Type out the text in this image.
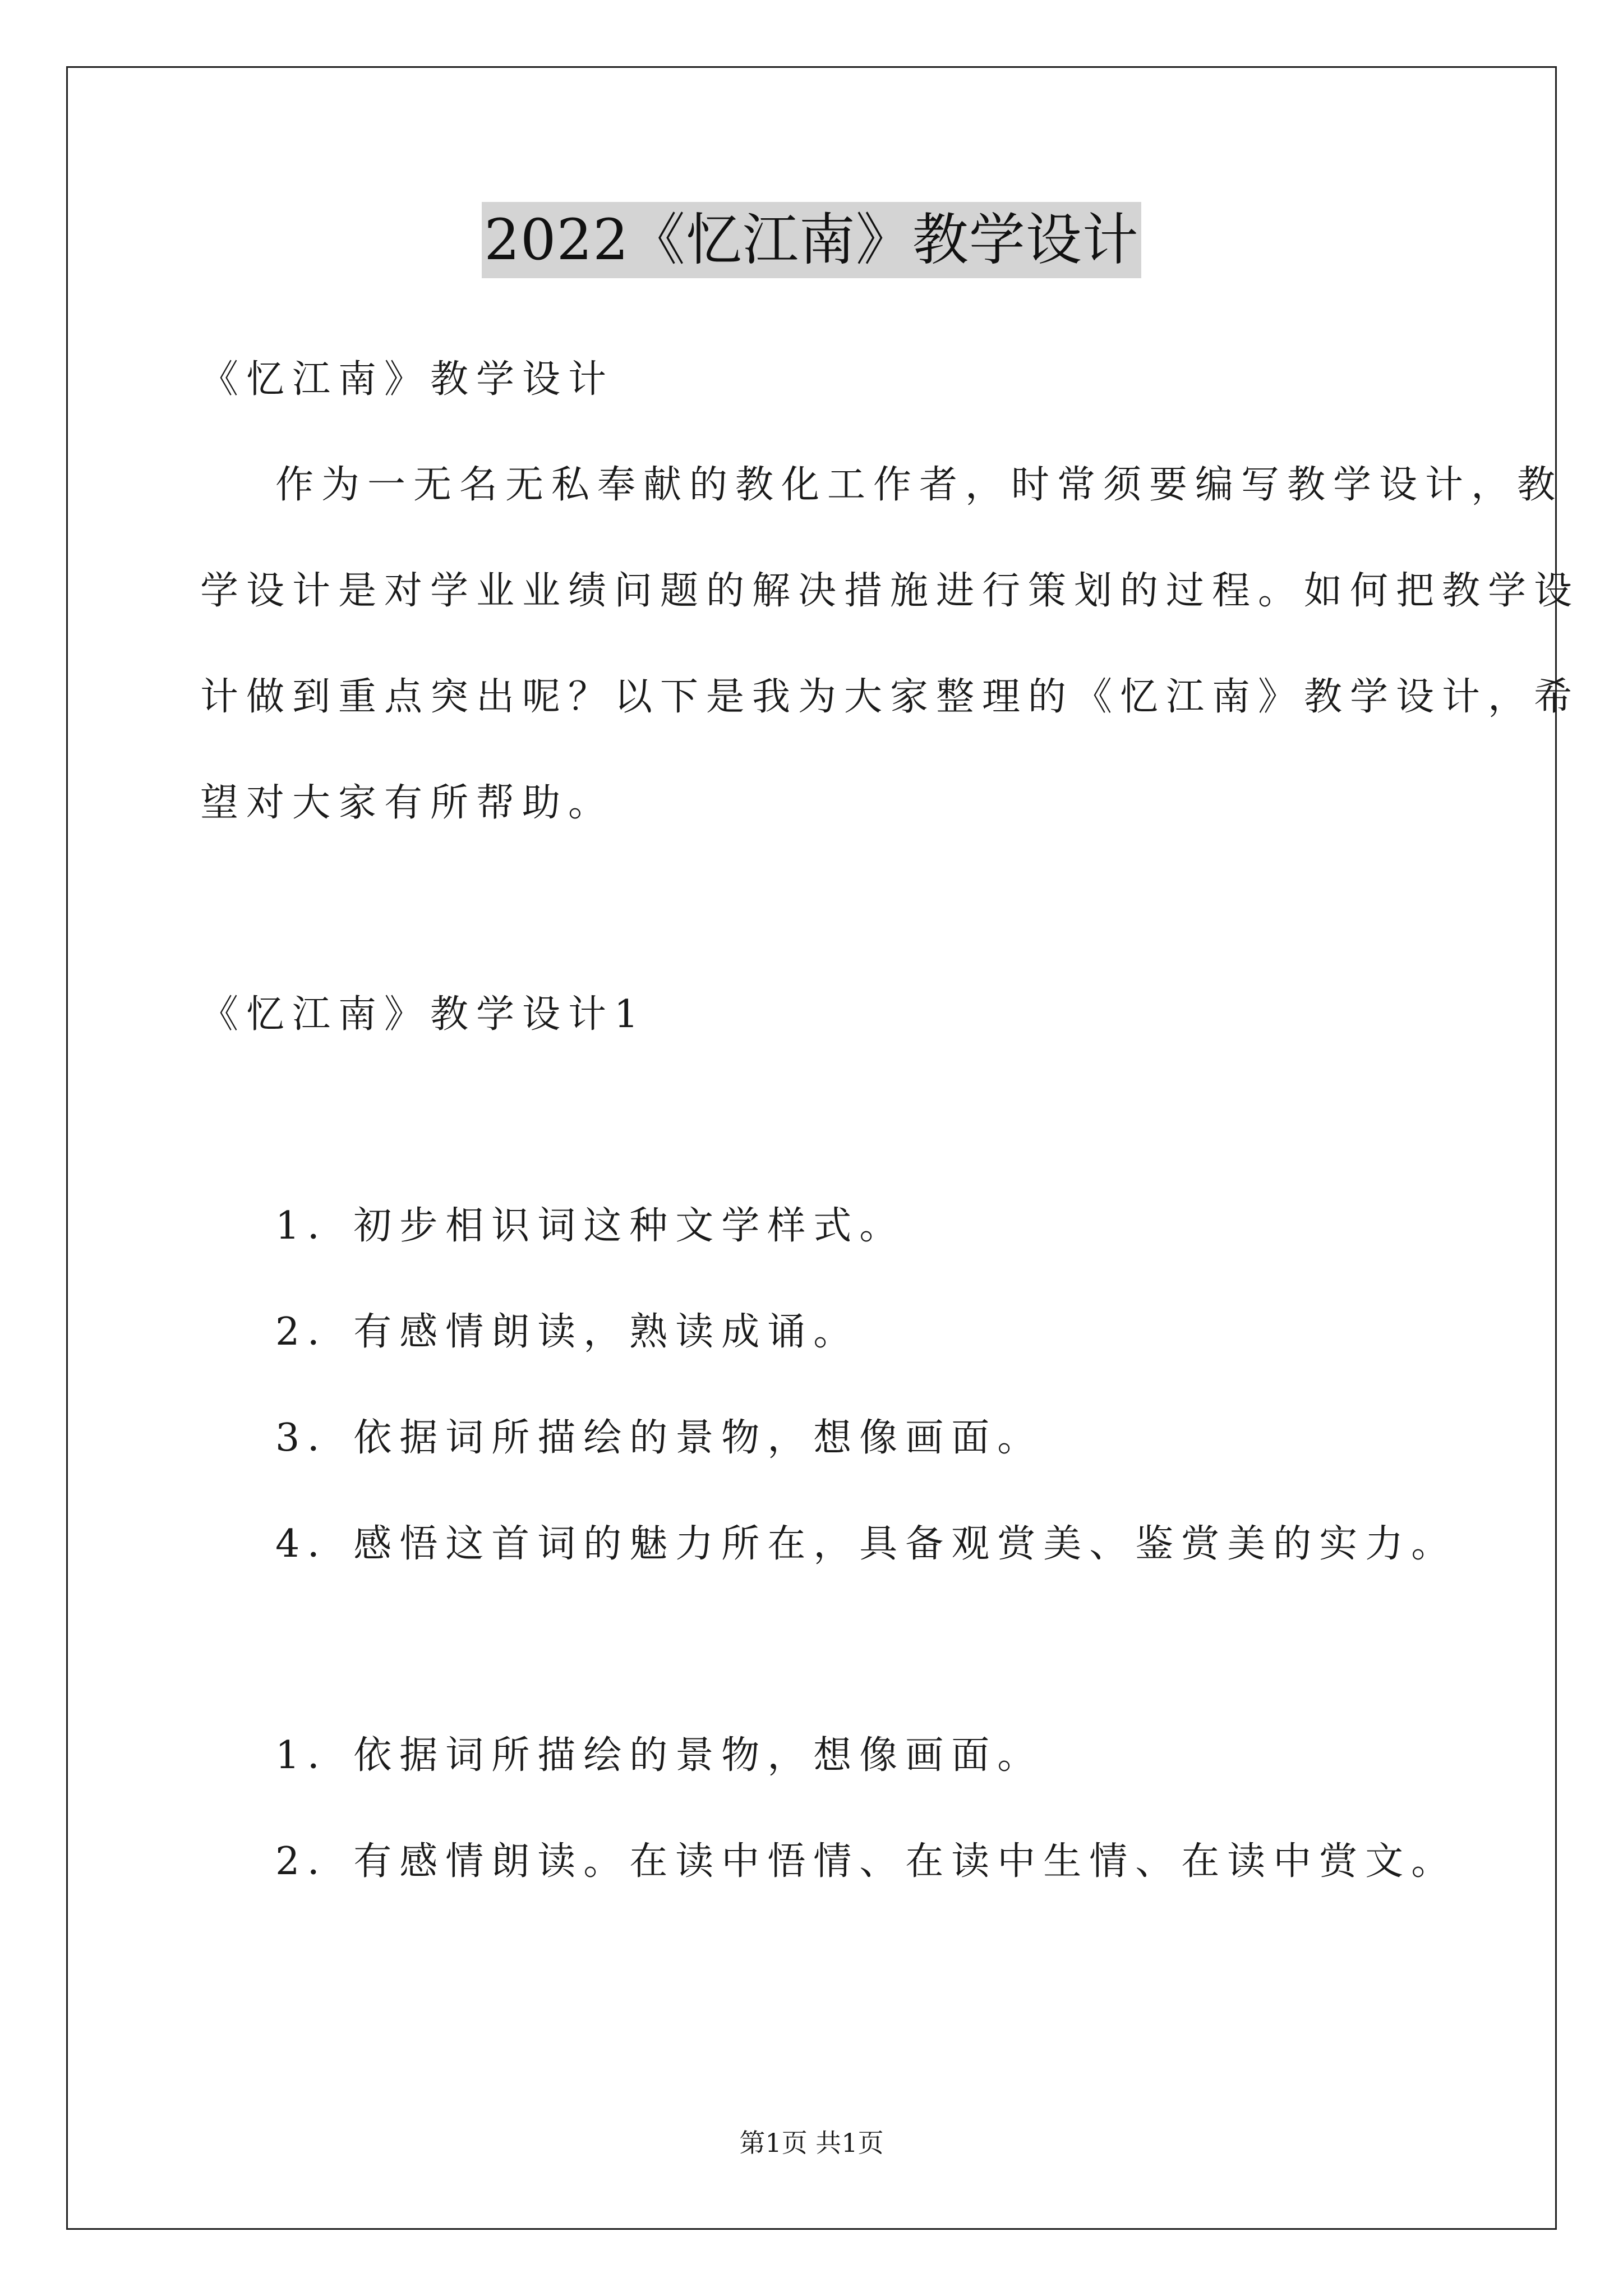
2022《忆江南》教学设计
《忆江南》教学设计
作为一无名无私奉献的教化工作者，时常须要编写教学设计，教
学设计是对学业业绩问题的解决措施进行策划的过程。如何把教学设
计做到重点突出呢？以下是我为大家整理的《忆江南》教学设计，希
望对大家有所帮助。
《忆江南》教学设计1
1．初步相识词这种文学样式。
2．有感情朗读，熟读成诵。
3．依据词所描绘的景物，想像画面。
4．感悟这首词的魅力所在，具备观赏美、鉴赏美的实力。
1．依据词所描绘的景物，想像画面。
2．有感情朗读。在读中悟情、在读中生情、在读中赏文。
第1页 共1页
